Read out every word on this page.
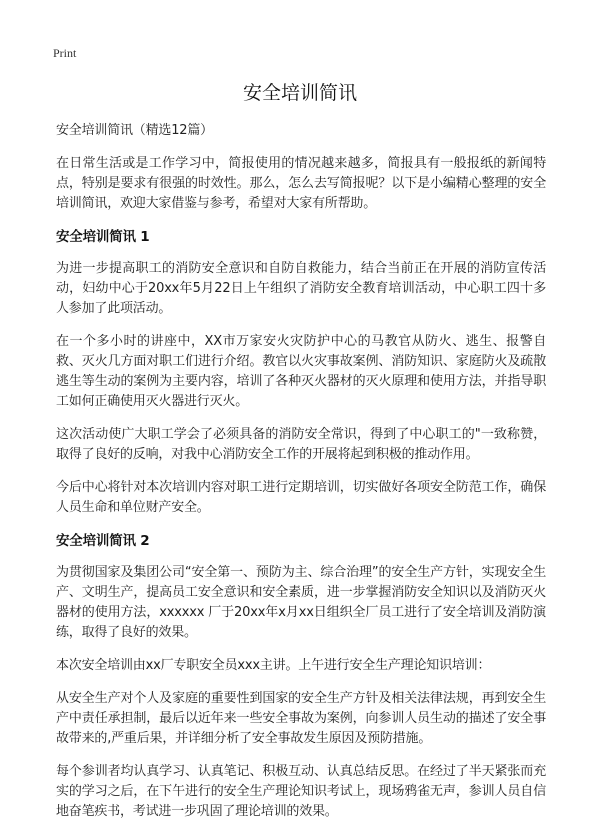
Print
安全培训简讯

安全培训简讯（精选12篇）

在日常生活或是工作学习中，简报使用的情况越来越多，简报具有一般报纸的新闻特点，特别是要求有很强的时效性。那么，怎么去写简报呢？以下是小编精心整理的安全培训简讯，欢迎大家借鉴与参考，希望对大家有所帮助。

安全培训简讯 1

为进一步提高职工的消防安全意识和自防自救能力，结合当前正在开展的消防宣传活动，妇幼中心于20xx年5月22日上午组织了消防安全教育培训活动，中心职工四十多人参加了此项活动。

在一个多小时的讲座中，XX市万家安火灾防护中心的马教官从防火、逃生、报警自救、灭火几方面对职工们进行介绍。教官以火灾事故案例、消防知识、家庭防火及疏散逃生等生动的案例为主要内容，培训了各种灭火器材的灭火原理和使用方法，并指导职工如何正确使用灭火器进行灭火。

这次活动使广大职工学会了必须具备的消防安全常识，得到了中心职工的"一致称赞，取得了良好的反响，对我中心消防安全工作的开展将起到积极的推动作用。

今后中心将针对本次培训内容对职工进行定期培训，切实做好各项安全防范工作，确保人员生命和单位财产安全。

安全培训简讯 2

为贯彻国家及集团公司“安全第一、预防为主、综合治理”的安全生产方针，实现安全生产、文明生产，提高员工安全意识和安全素质，进一步掌握消防安全知识以及消防灭火器材的使用方法，xxxxxx 厂于20xx年x月xx日组织全厂员工进行了安全培训及消防演练，取得了良好的效果。

本次安全培训由xx厂专职安全员xxx主讲。上午进行安全生产理论知识培训：

从安全生产对个人及家庭的重要性到国家的安全生产方针及相关法律法规，再到安全生产中责任承担制，最后以近年来一些安全事故为案例，向参训人员生动的描述了安全事故带来的,严重后果，并详细分析了安全事故发生原因及预防措施。

每个参训者均认真学习、认真笔记、积极互动、认真总结反思。在经过了半天紧张而充实的学习之后，在下午进行的安全生产理论知识考试上，现场鸦雀无声，参训人员自信地奋笔疾书，考试进一步巩固了理论培训的效果。
